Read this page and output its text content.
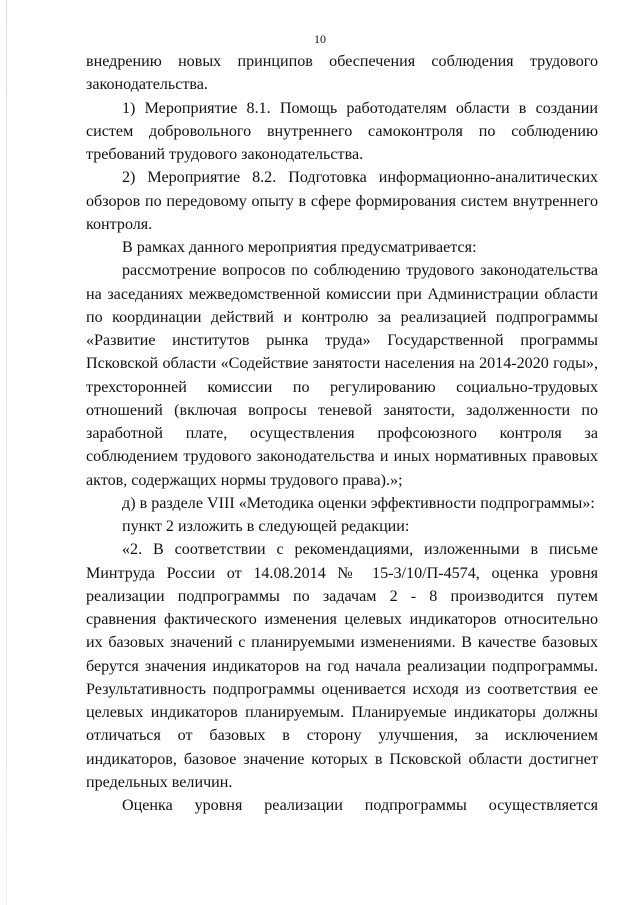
10

внедрению новых принципов обеспечения соблюдения трудового законодательства.

1) Мероприятие 8.1. Помощь работодателям области в создании систем добровольного внутреннего самоконтроля по соблюдению требований трудового законодательства.

2) Мероприятие 8.2. Подготовка информационно-аналитических обзоров по передовому опыту в сфере формирования систем внутреннего контроля.

В рамках данного мероприятия предусматривается:

рассмотрение вопросов по соблюдению трудового законодательства на заседаниях межведомственной комиссии при Администрации области по координации действий и контролю за реализацией подпрограммы «Развитие институтов рынка труда» Государственной программы Псковской области «Содействие занятости населения на 2014-2020 годы», трехсторонней комиссии по регулированию социально-трудовых отношений (включая вопросы теневой занятости, задолженности по заработной плате, осуществления профсоюзного контроля за соблюдением трудового законодательства и иных нормативных правовых актов, содержащих нормы трудового права).»;

д) в разделе VIII «Методика оценки эффективности подпрограммы»:

пункт 2 изложить в следующей редакции:

«2. В соответствии с рекомендациями, изложенными в письме Минтруда России от 14.08.2014 № 15-3/10/П-4574, оценка уровня реализации подпрограммы по задачам 2 - 8 производится путем сравнения фактического изменения целевых индикаторов относительно их базовых значений с планируемыми изменениями. В качестве базовых берутся значения индикаторов на год начала реализации подпрограммы. Результативность подпрограммы оценивается исходя из соответствия ее целевых индикаторов планируемым. Планируемые индикаторы должны отличаться от базовых в сторону улучшения, за исключением индикаторов, базовое значение которых в Псковской области достигнет предельных величин.

Оценка уровня реализации подпрограммы осуществляется
